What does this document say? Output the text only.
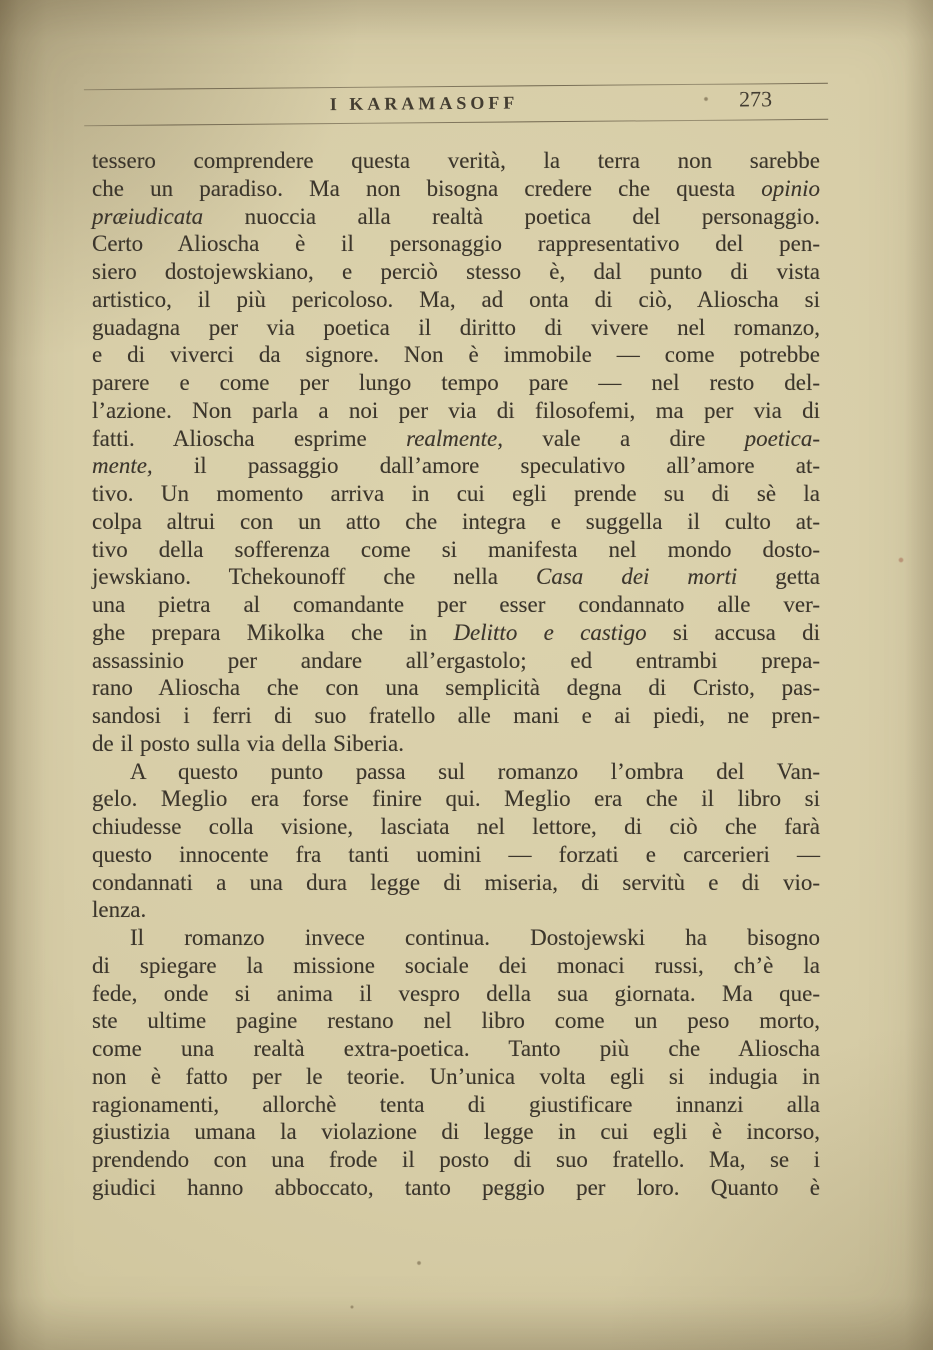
I KARAMASOFF	273
tessero comprendere questa verità, la terra non sarebbe
che un paradiso. Ma non bisogna credere che questa opinio
præiudicata nuoccia alla realtà poetica del personaggio.
Certo Alioscha è il personaggio rappresentativo del pen-
siero dostojewskiano, e perciò stesso è, dal punto di vista
artistico, il più pericoloso. Ma, ad onta di ciò, Alioscha si
guadagna per via poetica il diritto di vivere nel romanzo,
e di viverci da signore. Non è immobile — come potrebbe
parere e come per lungo tempo pare — nel resto del-
l’azione. Non parla a noi per via di filosofemi, ma per via di
fatti. Alioscha esprime realmente, vale a dire poetica-
mente, il passaggio dall’amore speculativo all’amore at-
tivo. Un momento arriva in cui egli prende su di sè la
colpa altrui con un atto che integra e suggella il culto at-
tivo della sofferenza come si manifesta nel mondo dosto-
jewskiano. Tchekounoff che nella Casa dei morti getta
una pietra al comandante per esser condannato alle ver-
ghe prepara Mikolka che in Delitto e castigo si accusa di
assassinio per andare all’ergastolo; ed entrambi prepa-
rano Alioscha che con una semplicità degna di Cristo, pas-
sandosi i ferri di suo fratello alle mani e ai piedi, ne pren-
de il posto sulla via della Siberia.
A questo punto passa sul romanzo l’ombra del Van-
gelo. Meglio era forse finire qui. Meglio era che il libro si
chiudesse colla visione, lasciata nel lettore, di ciò che farà
questo innocente fra tanti uomini — forzati e carcerieri —
condannati a una dura legge di miseria, di servitù e di vio-
lenza.
Il romanzo invece continua. Dostojewski ha bisogno
di spiegare la missione sociale dei monaci russi, ch’è la
fede, onde si anima il vespro della sua giornata. Ma que-
ste ultime pagine restano nel libro come un peso morto,
come una realtà extra-poetica. Tanto più che Alioscha
non è fatto per le teorie. Un’unica volta egli si indugia in
ragionamenti, allorchè tenta di giustificare innanzi alla
giustizia umana la violazione di legge in cui egli è incorso,
prendendo con una frode il posto di suo fratello. Ma, se i
giudici hanno abboccato, tanto peggio per loro. Quanto è
